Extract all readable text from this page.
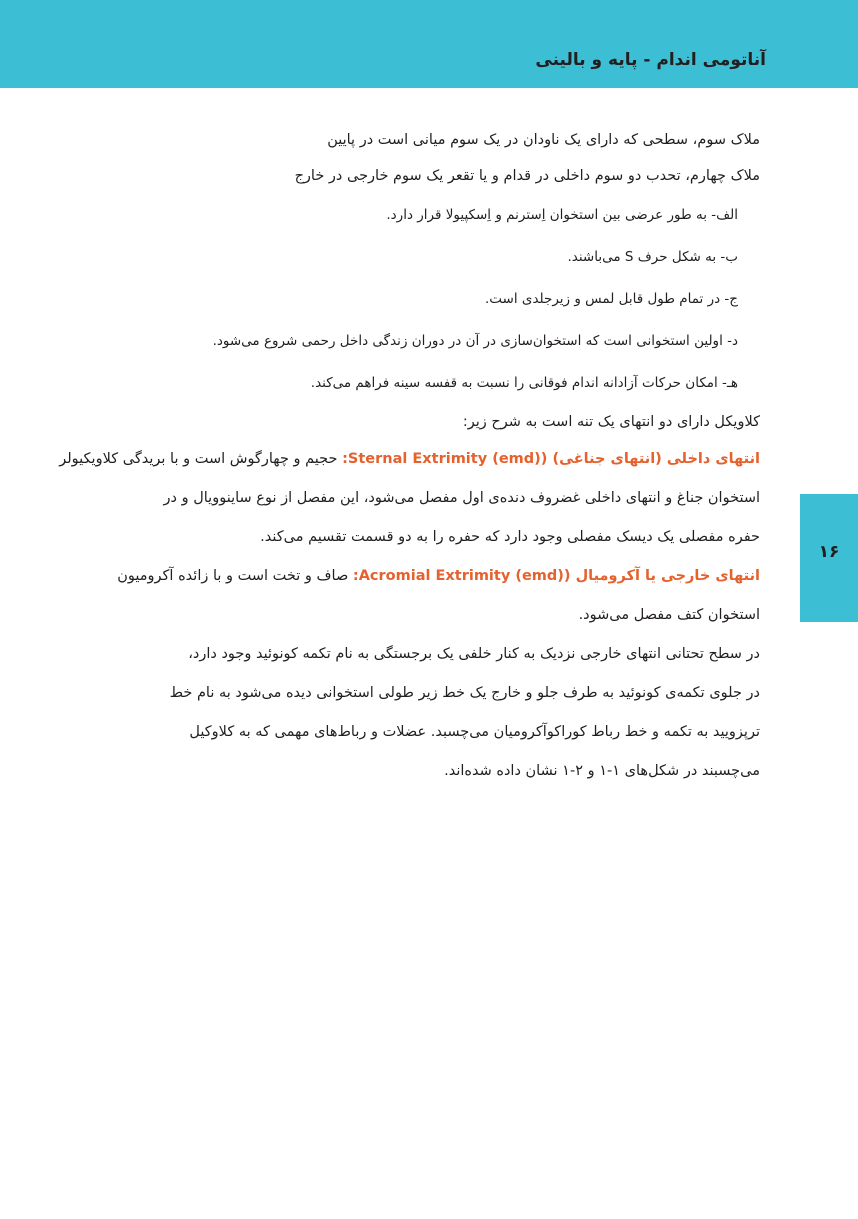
آناتومی اندام - پایه و بالینی
۱۶
ملاک سوم، سطحی که دارای یک ناودان در یک سوم میانی است در پایین
ملاک چهارم، تحدب دو سوم داخلی در قدام و یا تقعر یک سوم خارجی در خارج
الف- به طور عرضی بین استخوان اِسترنم و اِسکپیولا قرار دارد.
ب- به شکل حرف S می‌باشند.
ج- در تمام طول قابل لمس و زیرجلدی است.
د- اولین استخوانی است که استخوان‌سازی در آن در دوران زندگی داخل رحمی شروع می‌شود.
هـ- امکان حرکات آزادانه اندام فوقانی را نسبت به قفسه سینه فراهم می‌کند.
کلاویکل دارای دو انتهای یک تنه است به شرح زیر:
انتهای داخلی (انتهای جناغی) (Sternal Extrimity (emd): حجیم و چهارگوش است و با بریدگی کلاویکیولر
استخوان جناغ و انتهای داخلی غضروف دنده‌ی اول مفصل می‌شود، این مفصل از نوع ساینوویال و در
حفره مفصلی یک دیسک مفصلی وجود دارد که حفره را به دو قسمت تقسیم می‌کند.
انتهای خارجی یا آکرومیال (Acromial Extrimity (emd): صاف و تخت است و با زائده آکرومیون
استخوان کتف مفصل می‌شود.
در سطح تحتانی انتهای خارجی نزدیک به کنار خلفی یک برجستگی به نام تکمه کونوئید وجود دارد،
در جلوی تکمه‌ی کونوئید به طرف جلو و خارج یک خط زیر طولی استخوانی دیده می‌شود به نام خط
ترپزویید به تکمه و خط رباط کوراکوآکرومیان می‌چسبد. عضلات و رباط‌های مهمی که به کلاوکیل
می‌چسبند در شکل‌های ۱-۱ و ۲-۱ نشان داده شده‌اند.
